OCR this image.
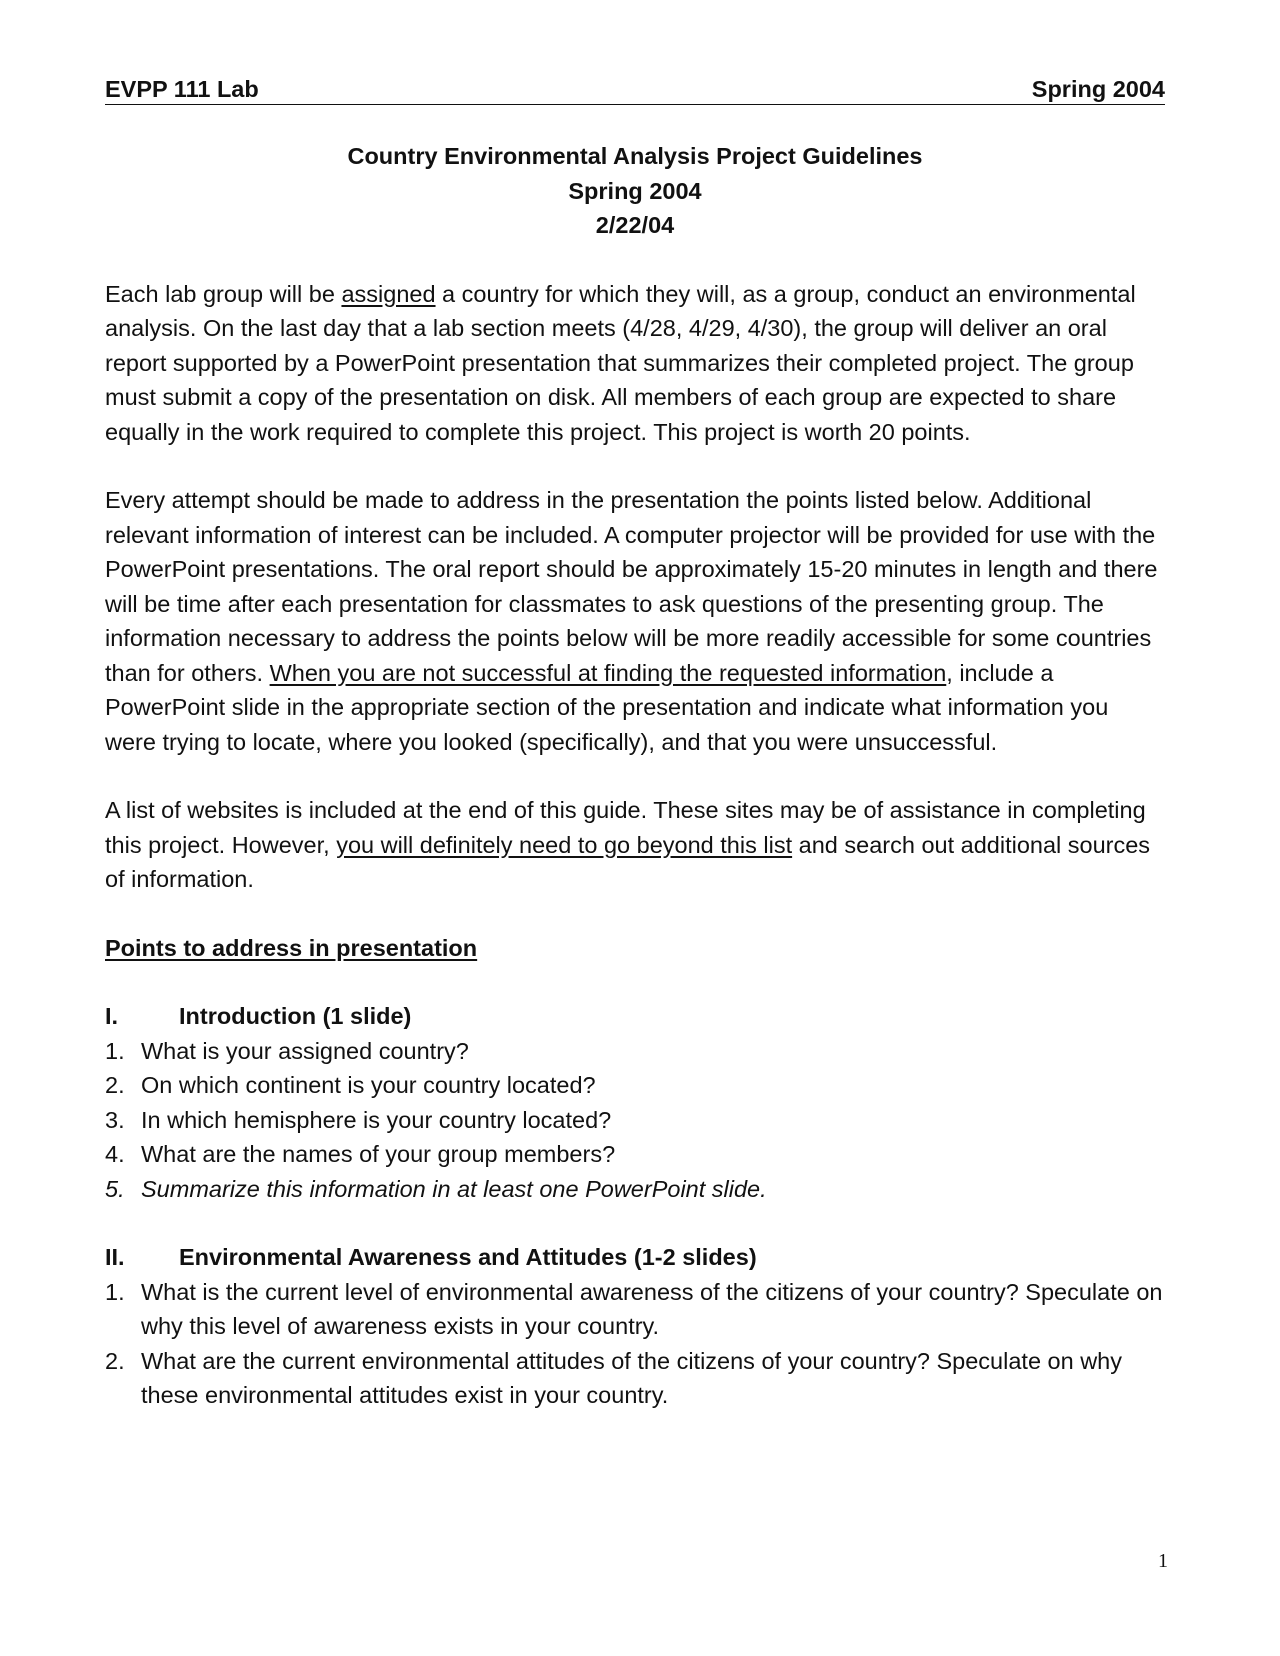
EVPP 111 Lab	Spring 2004
Country Environmental Analysis Project Guidelines
Spring 2004
2/22/04

Each lab group will be assigned a country for which they will, as a group, conduct an environmental analysis. On the last day that a lab section meets (4/28, 4/29, 4/30), the group will deliver an oral report supported by a PowerPoint presentation that summarizes their completed project. The group must submit a copy of the presentation on disk. All members of each group are expected to share equally in the work required to complete this project. This project is worth 20 points.

Every attempt should be made to address in the presentation the points listed below. Additional relevant information of interest can be included. A computer projector will be provided for use with the PowerPoint presentations. The oral report should be approximately 15-20 minutes in length and there will be time after each presentation for classmates to ask questions of the presenting group. The information necessary to address the points below will be more readily accessible for some countries than for others. When you are not successful at finding the requested information, include a PowerPoint slide in the appropriate section of the presentation and indicate what information you were trying to locate, where you looked (specifically), and that you were unsuccessful.

A list of websites is included at the end of this guide. These sites may be of assistance in completing this project. However, you will definitely need to go beyond this list and search out additional sources of information.

Points to address in presentation
I.	Introduction (1 slide)
1. What is your assigned country?
2. On which continent is your country located?
3. In which hemisphere is your country located?
4. What are the names of your group members?
5. Summarize this information in at least one PowerPoint slide.
II.	Environmental Awareness and Attitudes (1-2 slides)
1. What is the current level of environmental awareness of the citizens of your country? Speculate on why this level of awareness exists in your country.
2. What are the current environmental attitudes of the citizens of your country? Speculate on why these environmental attitudes exist in your country.
1
